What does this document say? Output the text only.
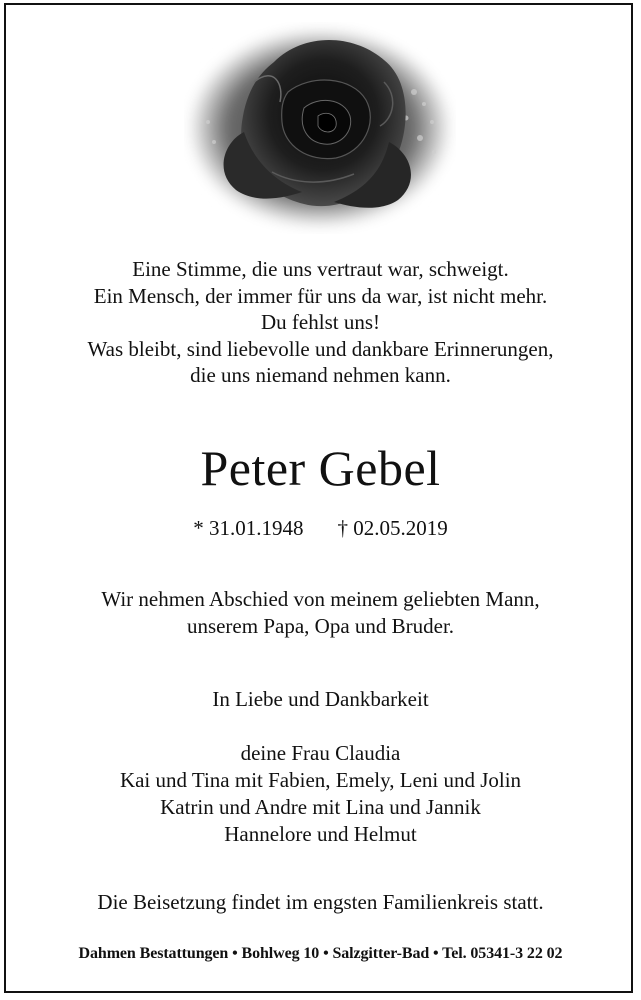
Eine Stimme, die uns vertraut war, schweigt.
Ein Mensch, der immer für uns da war, ist nicht mehr.
Du fehlst uns!
Was bleibt, sind liebevolle und dankbare Erinnerungen,
die uns niemand nehmen kann.
Peter Gebel
* 31.01.1948 † 02.05.2019
Wir nehmen Abschied von meinem geliebten Mann,
unserem Papa, Opa und Bruder.
In Liebe und Dankbarkeit
deine Frau Claudia
Kai und Tina mit Fabien, Emely, Leni und Jolin
Katrin und Andre mit Lina und Jannik
Hannelore und Helmut
Die Beisetzung findet im engsten Familienkreis statt.
Dahmen Bestattungen • Bohlweg 10 • Salzgitter-Bad • Tel. 05341-3 22 02
